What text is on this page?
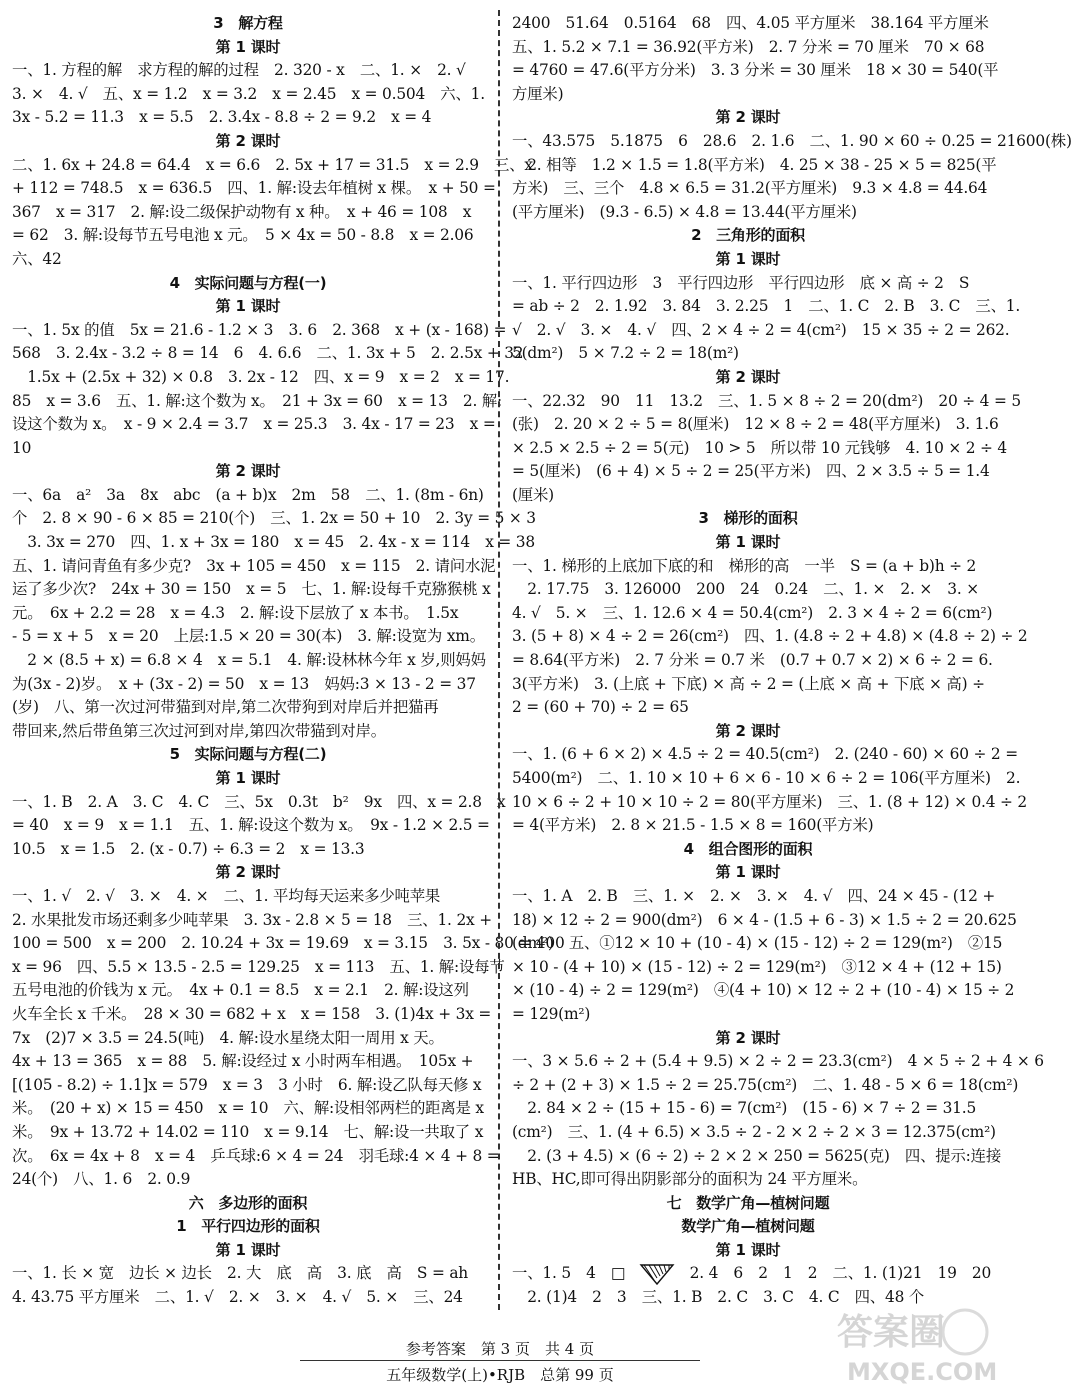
3　解方程
第 1 课时
一、1. 方程的解　求方程的解的过程　2. 320 - x　二、1. ×　2. √
3. ×　4. √　五、x = 1.2　x = 3.2　x = 2.45　x = 0.504　六、1.
3x - 5.2 = 11.3　x = 5.5　2. 3.4x - 8.8 ÷ 2 = 9.2　x = 4
第 2 课时
二、1. 6x + 24.8 = 64.4　x = 6.6　2. 5x + 17 = 31.5　x = 2.9　三、x
+ 112 = 748.5　x = 636.5　四、1. 解:设去年植树 x 棵。　x + 50 =
367　x = 317　2. 解:设二级保护动物有 x 种。　x + 46 = 108　x
= 62　3. 解:设每节五号电池 x 元。　5 × 4x = 50 - 8.8　x = 2.06
六、42
4　实际问题与方程(一)
第 1 课时
一、1. 5x 的值　5x = 21.6 - 1.2 × 3　3. 6　2. 368　x + (x - 168) =
568　3. 2.4x - 3.2 ÷ 8 = 14　6　4. 6.6　二、1. 3x + 5　2. 2.5x + 32
　1.5x + (2.5x + 32) × 0.8　3. 2x - 12　四、x = 9　x = 2　x = 17.
85　x = 3.6　五、1. 解:这个数为 x。　21 + 3x = 60　x = 13　2. 解:
设这个数为 x。　x - 9 × 2.4 = 3.7　x = 25.3　3. 4x - 17 = 23　x =
10
第 2 课时
一、6a　a²　3a　8x　abc　(a + b)x　2m　58　二、1. (8m - 6n)
个　2. 8 × 90 - 6 × 85 = 210(个)　三、1. 2x = 50 + 10　2. 3y = 5 × 3
　3. 3x = 270　四、1. x + 3x = 180　x = 45　2. 4x - x = 114　x = 38
五、1. 请问青鱼有多少克?　3x + 105 = 450　x = 115　2. 请问水泥
运了多少次?　24x + 30 = 150　x = 5　七、1. 解:设每千克猕猴桃 x
元。　6x + 2.2 = 28　x = 4.3　2. 解:设下层放了 x 本书。　1.5x
- 5 = x + 5　x = 20　上层:1.5 × 20 = 30(本)　3. 解:设宽为 xm。
　2 × (8.5 + x) = 6.8 × 4　x = 5.1　4. 解:设林林今年 x 岁,则妈妈
为(3x - 2)岁。　x + (3x - 2) = 50　x = 13　妈妈:3 × 13 - 2 = 37
(岁)　八、第一次过河带猫到对岸,第二次带狗到对岸后并把猫再
带回来,然后带鱼第三次过河到对岸,第四次带猫到对岸。
5　实际问题与方程(二)
第 1 课时
一、1. B　2. A　3. C　4. C　三、5x　0.3t　b²　9x　四、x = 2.8　x
= 40　x = 9　x = 1.1　五、1. 解:设这个数为 x。　9x - 1.2 × 2.5 =
10.5　x = 1.5　2. (x - 0.7) ÷ 6.3 = 2　x = 13.3
第 2 课时
一、1. √　2. √　3. ×　4. ×　二、1. 平均每天运来多少吨苹果
2. 水果批发市场还剩多少吨苹果　3. 3x - 2.8 × 5 = 18　三、1. 2x +
100 = 500　x = 200　2. 10.24 + 3x = 19.69　x = 3.15　3. 5x - 80 = 400
x = 96　四、5.5 × 13.5 - 2.5 = 129.25　x = 113　五、1. 解:设每节
五号电池的价钱为 x 元。　4x + 0.1 = 8.5　x = 2.1　2. 解:设这列
火车全长 x 千米。　28 × 30 = 682 + x　x = 158　3. (1)4x + 3x =
7x　(2)7 × 3.5 = 24.5(吨)　4. 解:设水星绕太阳一周用 x 天。
4x + 13 = 365　x = 88　5. 解:设经过 x 小时两车相遇。　105x +
[(105 - 8.2) ÷ 1.1]x = 579　x = 3　3 小时　6. 解:设乙队每天修 x
米。　(20 + x) × 15 = 450　x = 10　六、解:设相邻两栏的距离是 x
米。　9x + 13.72 + 14.02 = 110　x = 9.14　七、解:设一共取了 x
次。　6x = 4x + 8　x = 4　乒乓球:6 × 4 = 24　羽毛球:4 × 4 + 8 =
24(个)　八、1. 6　2. 0.9
六　多边形的面积
1　平行四边形的面积
第 1 课时
一、1. 长 × 宽　边长 × 边长　2. 大　底　高　3. 底　高　S = ah
4. 43.75 平方厘米　二、1. √　2. ×　3. ×　4. √　5. ×　三、24
2400　51.64　0.5164　68　四、4.05 平方厘米　38.164 平方厘米
五、1. 5.2 × 7.1 = 36.92(平方米)　2. 7 分米 = 70 厘米　70 × 68
= 4760 = 47.6(平方分米)　3. 3 分米 = 30 厘米　18 × 30 = 540(平
方厘米)
第 2 课时
一、43.575　5.1875　6　28.6　2. 1.6　二、1. 90 × 60 ÷ 0.25 = 21600(株)
　2. 相等　1.2 × 1.5 = 1.8(平方米)　4. 25 × 38 - 25 × 5 = 825(平
方米)　三、三个　4.8 × 6.5 = 31.2(平方厘米)　9.3 × 4.8 = 44.64
(平方厘米)　(9.3 - 6.5) × 4.8 = 13.44(平方厘米)
2　三角形的面积
第 1 课时
一、1. 平行四边形　3　平行四边形　平行四边形　底 × 高 ÷ 2　S
= ab ÷ 2　2. 1.92　3. 84　3. 2.25　1　二、1. C　2. B　3. C　三、1.
√　2. √　3. ×　4. √　四、2 × 4 ÷ 2 = 4(cm²)　15 × 35 ÷ 2 = 262.
5(dm²)　5 × 7.2 ÷ 2 = 18(m²)
第 2 课时
一、22.32　90　11　13.2　三、1. 5 × 8 ÷ 2 = 20(dm²)　20 ÷ 4 = 5
(张)　2. 20 × 2 ÷ 5 = 8(厘米)　12 × 8 ÷ 2 = 48(平方厘米)　3. 1.6
× 2.5 × 2.5 ÷ 2 = 5(元)　10 > 5　所以带 10 元钱够　4. 10 × 2 ÷ 4
= 5(厘米)　(6 + 4) × 5 ÷ 2 = 25(平方米)　四、2 × 3.5 ÷ 5 = 1.4
(厘米)
3　梯形的面积
第 1 课时
一、1. 梯形的上底加下底的和　梯形的高　一半　S = (a + b)h ÷ 2
　2. 17.75　3. 126000　200　24　0.24　二、1. ×　2. ×　3. ×
4. √　5. ×　三、1. 12.6 × 4 = 50.4(cm²)　2. 3 × 4 ÷ 2 = 6(cm²)
3. (5 + 8) × 4 ÷ 2 = 26(cm²)　四、1. (4.8 ÷ 2 + 4.8) × (4.8 ÷ 2) ÷ 2
= 8.64(平方米)　2. 7 分米 = 0.7 米　(0.7 + 0.7 × 2) × 6 ÷ 2 = 6.
3(平方米)　3. (上底 + 下底) × 高 ÷ 2 = (上底 × 高 + 下底 × 高) ÷
2 = (60 + 70) ÷ 2 = 65
第 2 课时
一、1. (6 + 6 × 2) × 4.5 ÷ 2 = 40.5(cm²)　2. (240 - 60) × 60 ÷ 2 =
5400(m²)　二、1. 10 × 10 + 6 × 6 - 10 × 6 ÷ 2 = 106(平方厘米)　2.
10 × 6 ÷ 2 + 10 × 10 ÷ 2 = 80(平方厘米)　三、1. (8 + 12) × 0.4 ÷ 2
= 4(平方米)　2. 8 × 21.5 - 1.5 × 8 = 160(平方米)
4　组合图形的面积
第 1 课时
一、1. A　2. B　三、1. ×　2. ×　3. ×　4. √　四、24 × 45 - (12 +
18) × 12 ÷ 2 = 900(dm²)　6 × 4 - (1.5 + 6 - 3) × 1.5 ÷ 2 = 20.625
(dm²)　五、①12 × 10 + (10 - 4) × (15 - 12) ÷ 2 = 129(m²)　②15
× 10 - (4 + 10) × (15 - 12) ÷ 2 = 129(m²)　③12 × 4 + (12 + 15)
× (10 - 4) ÷ 2 = 129(m²)　④(4 + 10) × 12 ÷ 2 + (10 - 4) × 15 ÷ 2
= 129(m²)
第 2 课时
一、3 × 5.6 ÷ 2 + (5.4 + 9.5) × 2 ÷ 2 = 23.3(cm²)　4 × 5 ÷ 2 + 4 × 6
÷ 2 + (2 + 3) × 1.5 ÷ 2 = 25.75(cm²)　二、1. 48 - 5 × 6 = 18(cm²)
　2. 84 × 2 ÷ (15 + 15 - 6) = 7(cm²)　(15 - 6) × 7 ÷ 2 = 31.5
(cm²)　三、1. (4 + 6.5) × 3.5 ÷ 2 - 2 × 2 ÷ 2 × 3 = 12.375(cm²)
　2. (3 + 4.5) × (6 ÷ 2) ÷ 2 × 2 × 250 = 5625(克)　四、提示:连接
HB、HC,即可得出阴影部分的面积为 24 平方厘米。
七　数学广角—植树问题
数学广角—植树问题
第 1 课时
一、1. 5　4　□　　2. 4　6　2　1　2　二、1. (1)21　19　20
　2. (1)4　2　3　三、1. B　2. C　3. C　4. C　四、48 个
参考答案　第 3 页　共 4 页
五年级数学(上)•RJB　总第 99 页
答案圈
MXQE.COM
